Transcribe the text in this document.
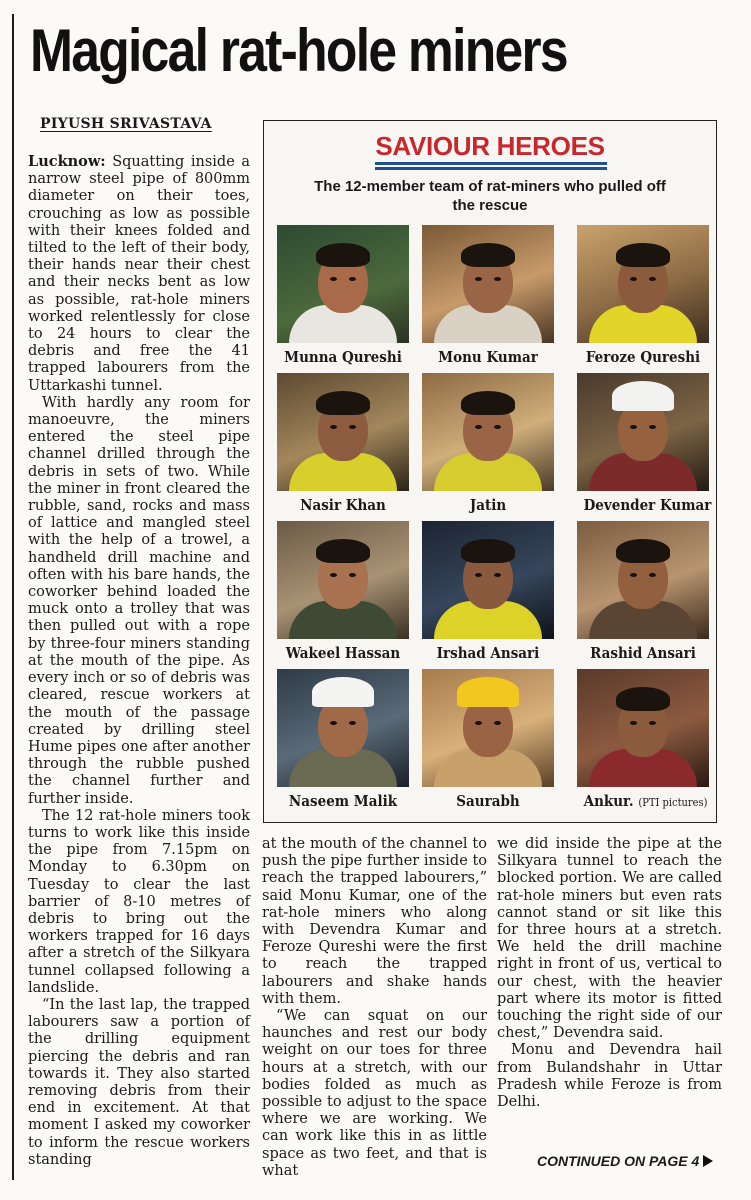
Magical rat-hole miners
PIYUSH SRIVASTAVA

Lucknow: Squatting inside a narrow steel pipe of 800mm diameter on their toes, crouching as low as possible with their knees folded and tilted to the left of their body, their hands near their chest and their necks bent as low as possible, rat-hole miners worked relentlessly for close to 24 hours to clear the debris and free the 41 trapped labourers from the Uttarkashi tunnel.

With hardly any room for manoeuvre, the miners entered the steel pipe channel drilled through the debris in sets of two. While the miner in front cleared the rubble, sand, rocks and mass of lattice and mangled steel with the help of a trowel, a handheld drill machine and often with his bare hands, the coworker behind loaded the muck onto a trolley that was then pulled out with a rope by three-four miners standing at the mouth of the pipe. As every inch or so of debris was cleared, rescue workers at the mouth of the passage created by drilling steel Hume pipes one after another through the rubble pushed the channel further and further inside.

The 12 rat-hole miners took turns to work like this inside the pipe from 7.15pm on Monday to 6.30pm on Tuesday to clear the last barrier of 8-10 metres of debris to bring out the workers trapped for 16 days after a stretch of the Silkyara tunnel collapsed following a landslide.

“In the last lap, the trapped labourers saw a portion of the drilling equipment piercing the debris and ran towards it. They also started removing debris from their end in excitement. At that moment I asked my coworker to inform the rescue workers standing

at the mouth of the channel to push the pipe further inside to reach the trapped labourers,” said Monu Kumar, one of the rat-hole miners who along with Devendra Kumar and Feroze Qureshi were the first to reach the trapped labourers and shake hands with them.

“We can squat on our haunches and rest our body weight on our toes for three hours at a stretch, with our bodies folded as much as possible to adjust to the space where we are working. We can work like this in as little space as two feet, and that is what

we did inside the pipe at the Silkyara tunnel to reach the blocked portion. We are called rat-hole miners but even rats cannot stand or sit like this for three hours at a stretch. We held the drill machine right in front of us, vertical to our chest, with the heavier part where its motor is fitted touching the right side of our chest,” Devendra said.

Monu and Devendra hail from Bulandshahr in Uttar Pradesh while Feroze is from Delhi.

SAVIOUR HEROES
The 12-member team of rat-miners who pulled off the rescue
Munna Qureshi	Monu Kumar	Feroze Qureshi
Nasir Khan	Jatin	Devender Kumar
Wakeel Hassan	Irshad Ansari	Rashid Ansari
Naseem Malik	Saurabh	Ankur. (PTI pictures)
CONTINUED ON PAGE 4
